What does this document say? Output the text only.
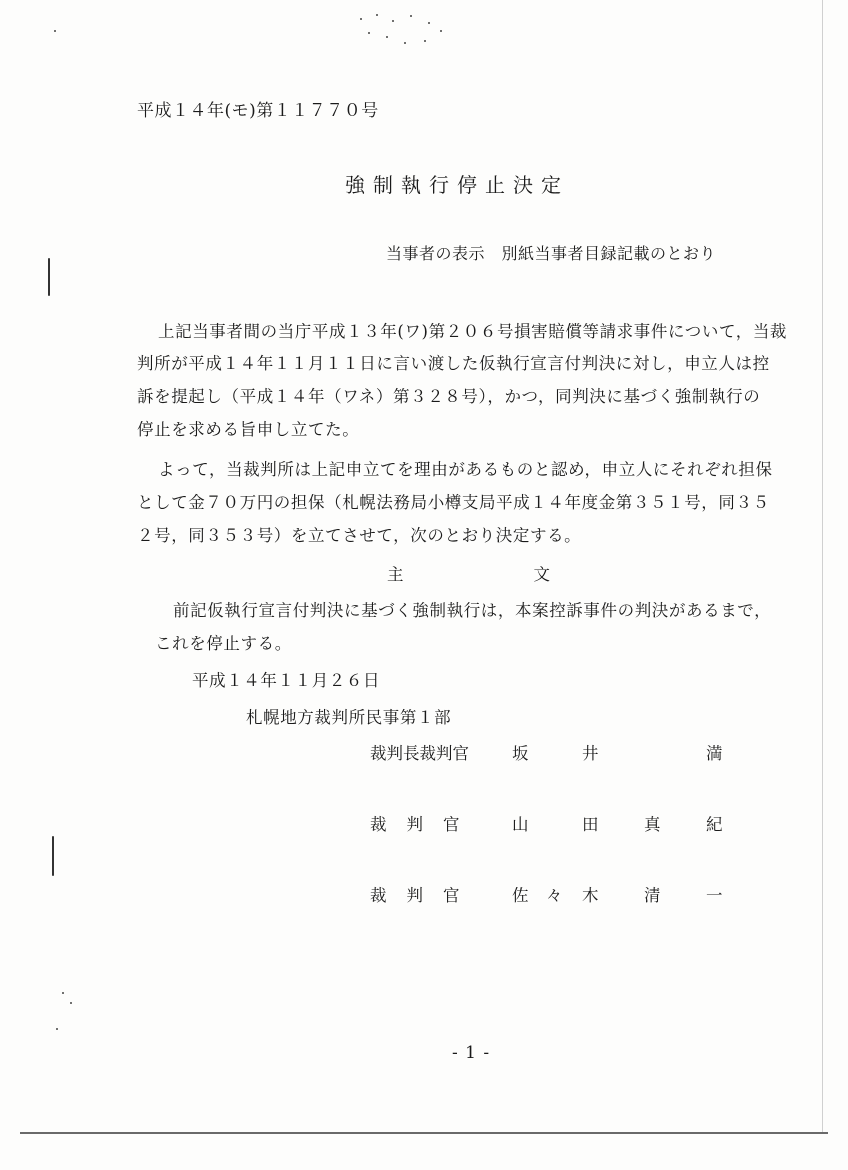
平成１４年(モ)第１１７７０号
強制執行停止決定
当事者の表示　別紙当事者目録記載のとおり
上記当事者間の当庁平成１３年(ワ)第２０６号損害賠償等請求事件について，当裁
判所が平成１４年１１月１１日に言い渡した仮執行宣言付判決に対し，申立人は控
訴を提起し（平成１４年（ワネ）第３２８号），かつ，同判決に基づく強制執行の
停止を求める旨申し立てた。
よって，当裁判所は上記申立てを理由があるものと認め，申立人にそれぞれ担保
として金７０万円の担保（札幌法務局小樽支局平成１４年度金第３５１号，同３５
２号，同３５３号）を立てさせて，次のとおり決定する。
主文
前記仮執行宣言付判決に基づく強制執行は，本案控訴事件の判決があるまで，
これを停止する。
平成１４年１１月２６日
札幌地方裁判所民事第１部
裁判長裁判官	坂	井	満
裁判官 山	田	真	紀
裁判官 佐 々 木	清	一
- 1 -
